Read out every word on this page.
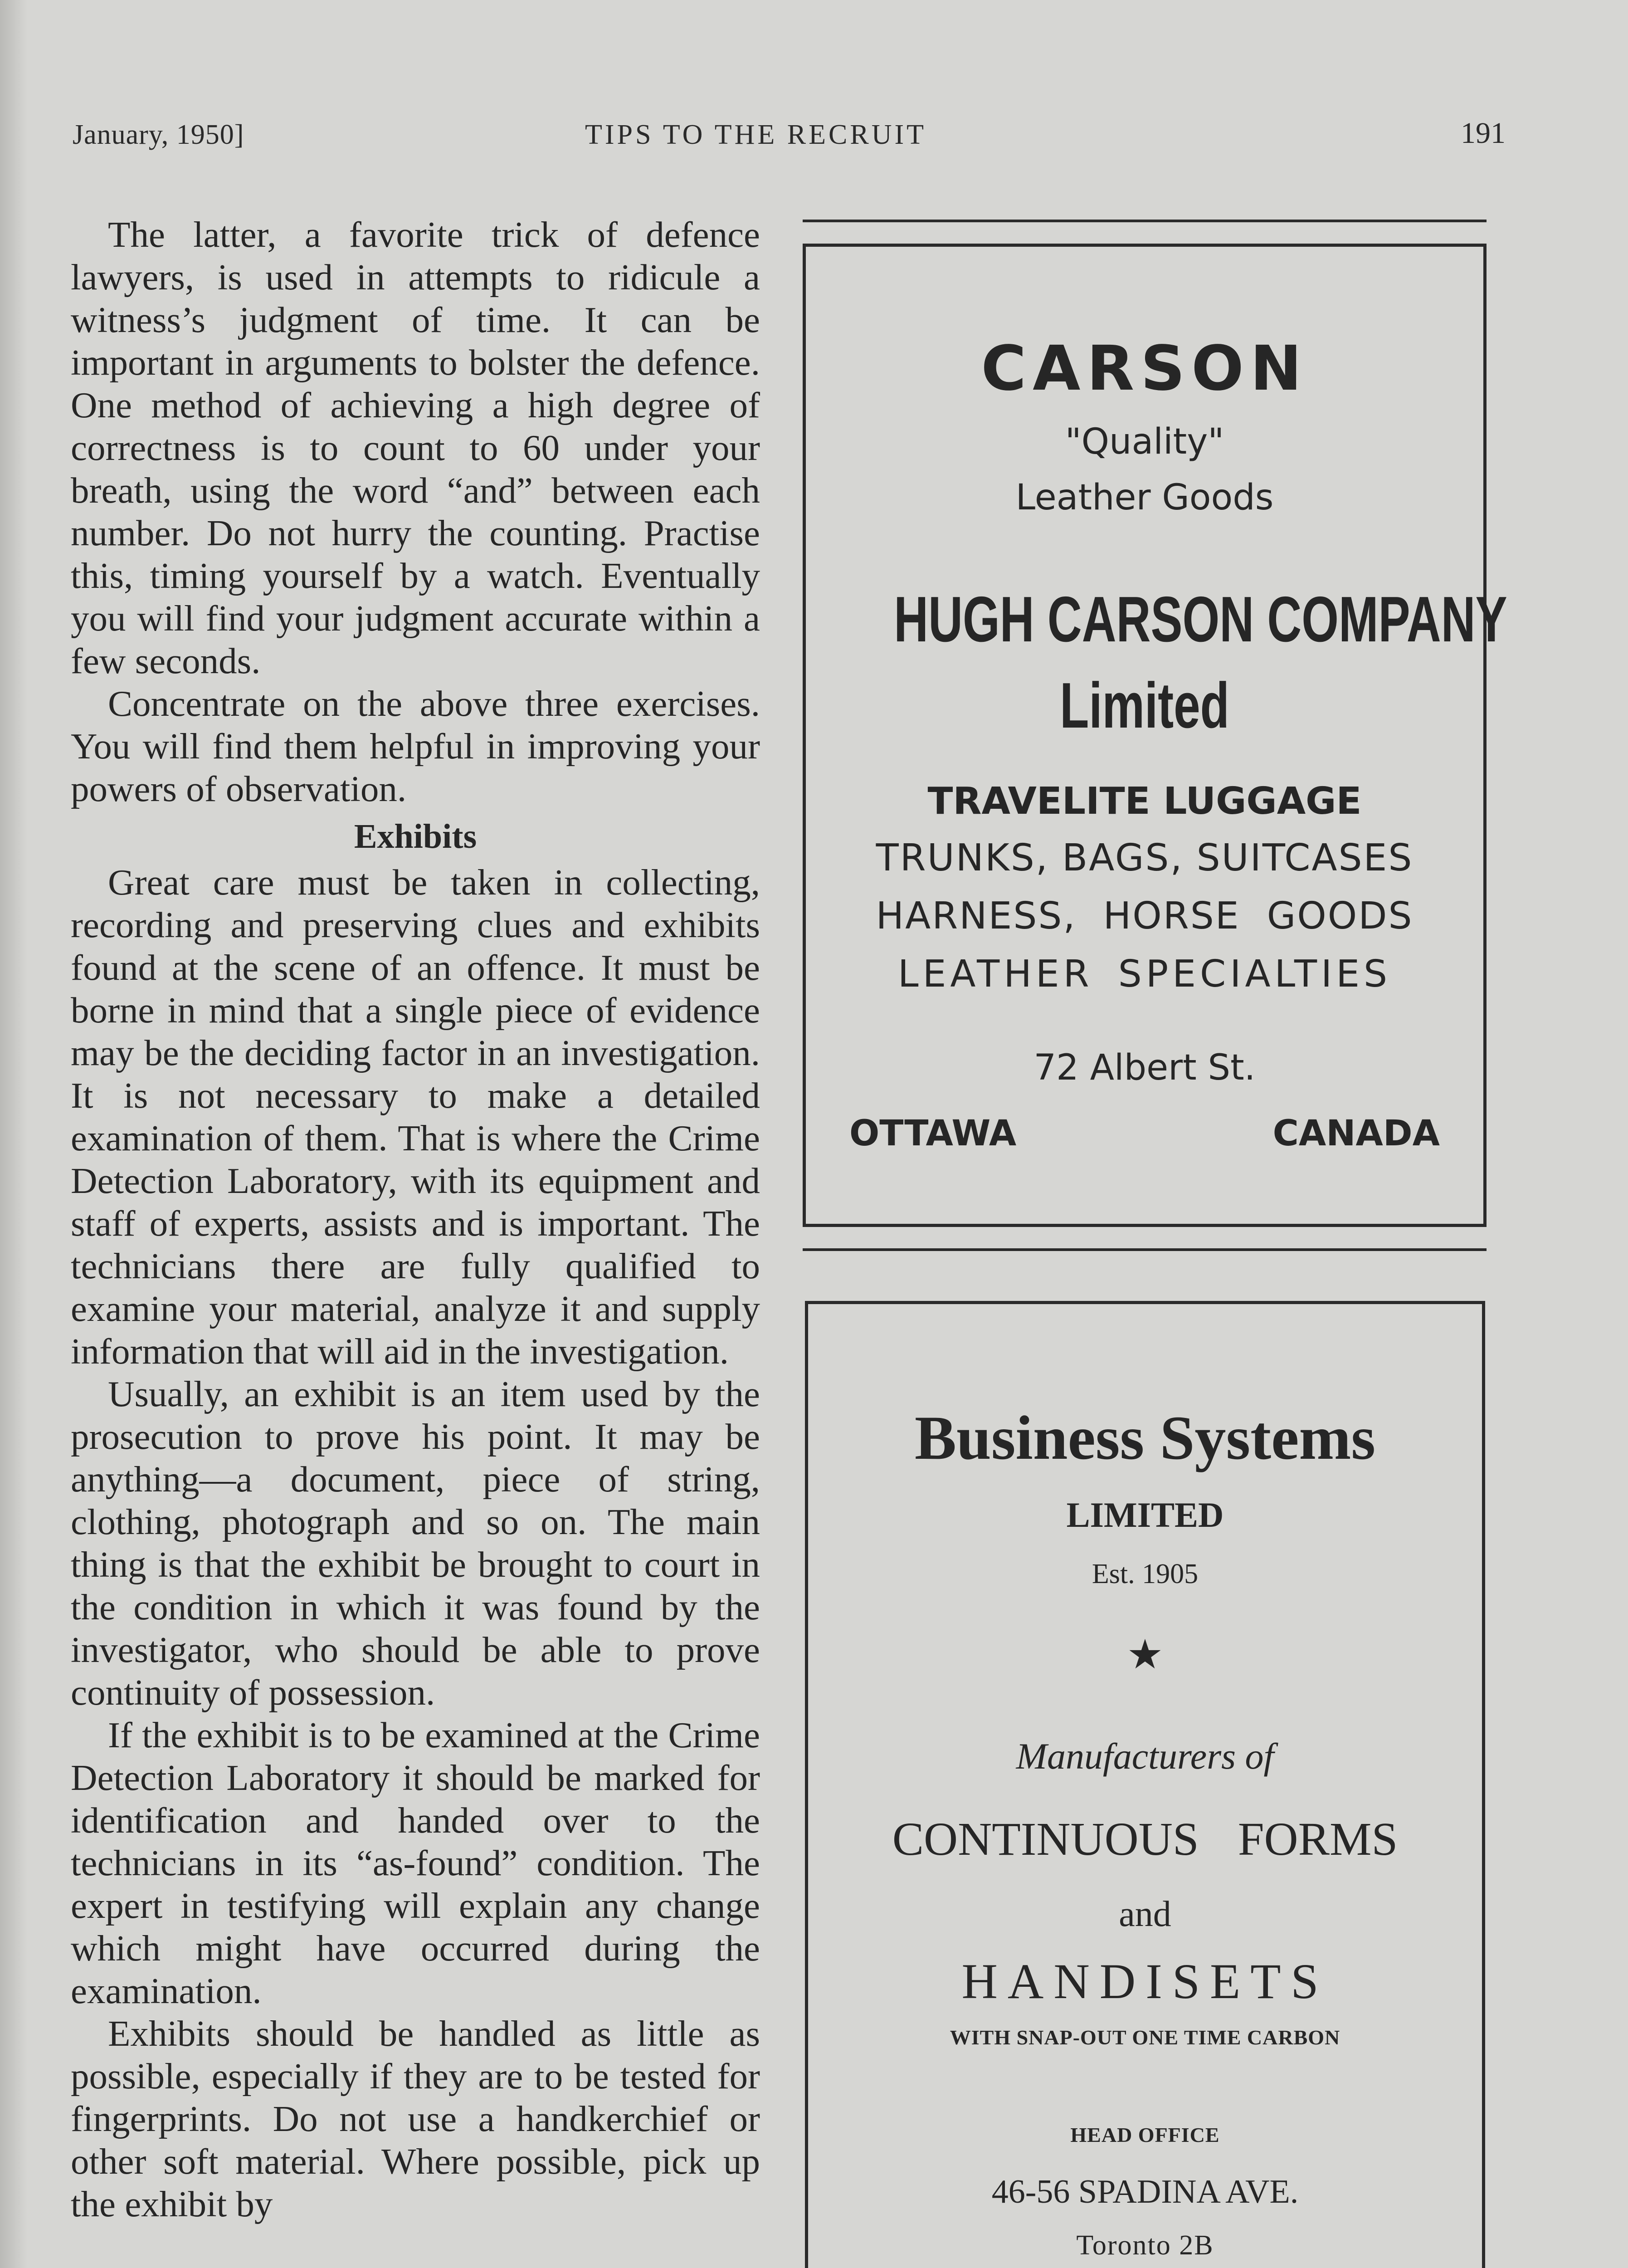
January, 1950]	TIPS TO THE RECRUIT	191

The latter, a favorite trick of defence lawyers, is used in attempts to ridicule a witness’s judgment of time. It can be important in arguments to bolster the defence. One method of achieving a high degree of correctness is to count to 60 under your breath, using the word “and” between each number. Do not hurry the counting. Practise this, timing yourself by a watch. Eventually you will find your judgment accurate within a few seconds.

Concentrate on the above three exercises. You will find them helpful in improving your powers of observation.

Exhibits

Great care must be taken in collecting, recording and preserving clues and exhibits found at the scene of an offence. It must be borne in mind that a single piece of evidence may be the deciding factor in an investigation. It is not necessary to make a detailed examination of them. That is where the Crime Detection Laboratory, with its equipment and staff of experts, assists and is important. The technicians there are fully qualified to examine your material, analyze it and supply information that will aid in the investigation.

Usually, an exhibit is an item used by the prosecution to prove his point. It may be anything—a document, piece of string, clothing, photograph and so on. The main thing is that the exhibit be brought to court in the condition in which it was found by the investigator, who should be able to prove continuity of possession.

If the exhibit is to be examined at the Crime Detection Laboratory it should be marked for identification and handed over to the technicians in its “as-found” condition. The expert in testifying will explain any change which might have occurred during the examination.

Exhibits should be handled as little as possible, especially if they are to be tested for fingerprints. Do not use a handkerchief or other soft material. Where possible, pick up the exhibit by

CARSON
"Quality"
Leather Goods
HUGH CARSON COMPANY
Limited
TRAVELITE LUGGAGE
TRUNKS, BAGS, SUITCASES
HARNESS, HORSE GOODS
LEATHER SPECIALTIES
72 Albert St.
OTTAWA	CANADA
Business Systems
LIMITED
Est. 1905
★
Manufacturers of
CONTINUOUS FORMS
and
HANDISETS
WITH SNAP-OUT ONE TIME CARBON
HEAD OFFICE
46-56 SPADINA AVE.
Toronto 2B
